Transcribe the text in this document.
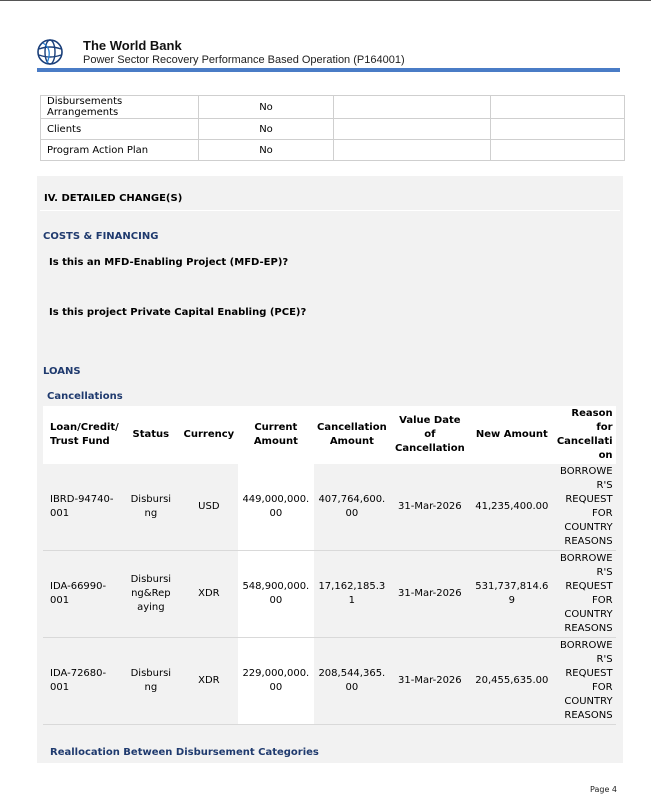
The World Bank
Power Sector Recovery Performance Based Operation (P164001)
Disbursements Arrangements	No		
Clients	No		
Program Action Plan	No		
IV. DETAILED CHANGE(S)
COSTS & FINANCING
Is this an MFD-Enabling Project (MFD-EP)?
Is this project Private Capital Enabling (PCE)?
LOANS
Cancellations
Loan/Credit/ Trust Fund	Status	Currency	Current Amount	Cancellation Amount	Value Date of Cancellation	New Amount	Reason for Cancellati on
IBRD-94740- 001	Disbursi ng	USD	449,000,000. 00	407,764,600. 00	31-Mar-2026	41,235,400.00	BORROWE R'S REQUEST FOR COUNTRY REASONS
IDA-66990- 001	Disbursi ng&Rep aying	XDR	548,900,000. 00	17,162,185.3 1	31-Mar-2026	531,737,814.6 9	BORROWE R'S REQUEST FOR COUNTRY REASONS
IDA-72680- 001	Disbursi ng	XDR	229,000,000. 00	208,544,365. 00	31-Mar-2026	20,455,635.00	BORROWE R'S REQUEST FOR COUNTRY REASONS
Reallocation Between Disbursement Categories
Page 4
